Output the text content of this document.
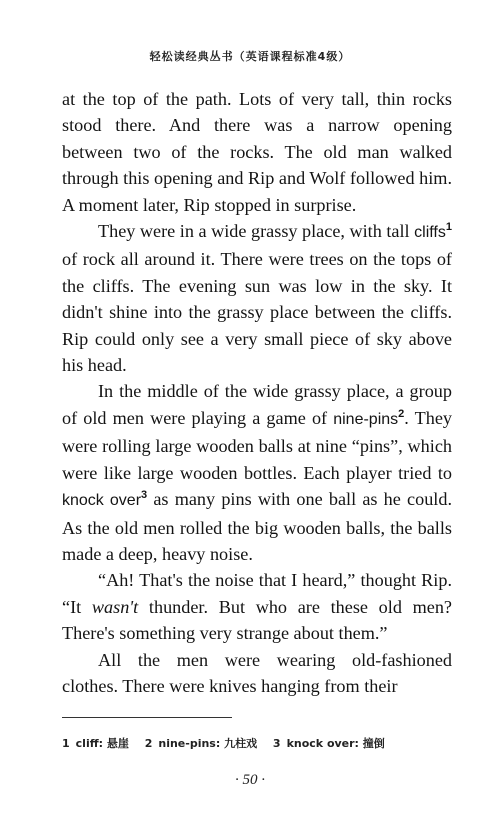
轻松读经典丛书（英语课程标准4级）

at the top of the path. Lots of very tall, thin rocks stood there. And there was a narrow opening between two of the rocks. The old man walked through this opening and Rip and Wolf followed him. A moment later, Rip stopped in surprise.

They were in a wide grassy place, with tall cliffs$^1$ of rock all around it. There were trees on the tops of the cliffs. The evening sun was low in the sky. It didn't shine into the grassy place between the cliffs. Rip could only see a very small piece of sky above his head.

In the middle of the wide grassy place, a group of old men were playing a game of nine-pins$^2$. They were rolling large wooden balls at nine “pins”, which were like large wooden bottles. Each player tried to knock over$^3$ as many pins with one ball as he could. As the old men rolled the big wooden balls, the balls made a deep, heavy noise.

“Ah! That's the noise that I heard,” thought Rip. “It wasn't thunder. But who are these old men? There's something very strange about them.”

All the men were wearing old-fashioned clothes. There were knives hanging from their

1 cliff: 悬崖 2 nine-pins: 九柱戏 3 knock over: 撞倒
· 50 ·
